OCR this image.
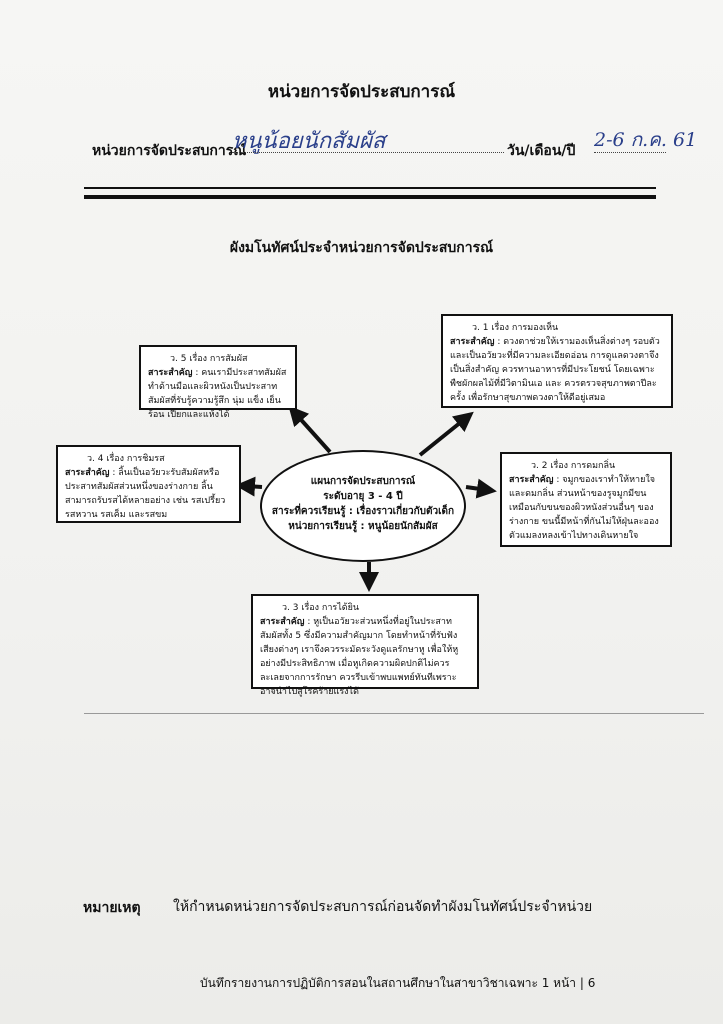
หน่วยการจัดประสบการณ์
หน่วยการจัดประสบการณ์
หนูน้อยนักสัมผัส	วัน/เดือน/ปี 2-6 ก.ค. 61
ผังมโนทัศน์ประจำหน่วยการจัดประสบการณ์
ว. 5 เรื่อง การสัมผัส
สาระสำคัญ : คนเรามีประสาทสัมผัสทำด้านมือและผิวหนังเป็นประสาทสัมผัสที่รับรู้ความรู้สึก นุ่ม แข็ง เย็น ร้อน เปียกและแห้งได้
ว. 1 เรื่อง การมองเห็น
สาระสำคัญ : ดวงตาช่วยให้เรามองเห็นสิ่งต่างๆ รอบตัว และเป็นอวัยวะที่มีความละเอียดอ่อน การดูแลดวงตาจึงเป็นสิ่งสำคัญ ควรทานอาหารที่มีประโยชน์ โดยเฉพาะพืชผักผลไม้ที่มีวิตามินเอ และ ควรตรวจสุขภาพตาปีละครั้ง เพื่อรักษาสุขภาพดวงตาให้ดีอยู่เสมอ
ว. 4 เรื่อง การชิมรส
สาระสำคัญ : ลิ้นเป็นอวัยวะรับสัมผัสหรือประสาทสัมผัสส่วนหนึ่งของร่างกาย ลิ้นสามารถรับรสได้หลายอย่าง เช่น รสเปรี้ยว รสหวาน รสเค็ม และรสขม
ว. 2 เรื่อง การดมกลิ่น
สาระสำคัญ : จมูกของเราทำให้หายใจและดมกลิ่น ส่วนหน้าของรูจมูกมีขนเหมือนกับขนของผิวหนังส่วนอื่นๆ ของร่างกาย ขนนี้มีหน้าที่กันไม่ให้ฝุ่นละออง ตัวแมลงหลงเข้าไปทางเดินหายใจ
ว. 3 เรื่อง การได้ยิน
สาระสำคัญ : หูเป็นอวัยวะส่วนหนึ่งที่อยู่ในประสาทสัมผัสทั้ง 5 ซึ่งมีความสำคัญมาก โดยทำหน้าที่รับฟังเสียงต่างๆ เราจึงควรระมัดระวังดูแลรักษาหู เพื่อให้หูอย่างมีประสิทธิภาพ เมื่อหูเกิดความผิดปกติไม่ควรละเลยจากการรักษา ควรรีบเข้าพบแพทย์ทันทีเพราะอาจนำไปสู่โรคร้ายแรงได้
แผนการจัดประสบการณ์
ระดับอายุ 3 - 4 ปี
สาระที่ควรเรียนรู้ : เรื่องราวเกี่ยวกับตัวเด็ก
หน่วยการเรียนรู้ : หนูน้อยนักสัมผัส
หมายเหตุ ให้กำหนดหน่วยการจัดประสบการณ์ก่อนจัดทำผังมโนทัศน์ประจำหน่วย
บันทึกรายงานการปฏิบัติการสอนในสถานศึกษาในสาขาวิชาเฉพาะ 1 หน้า | 6
